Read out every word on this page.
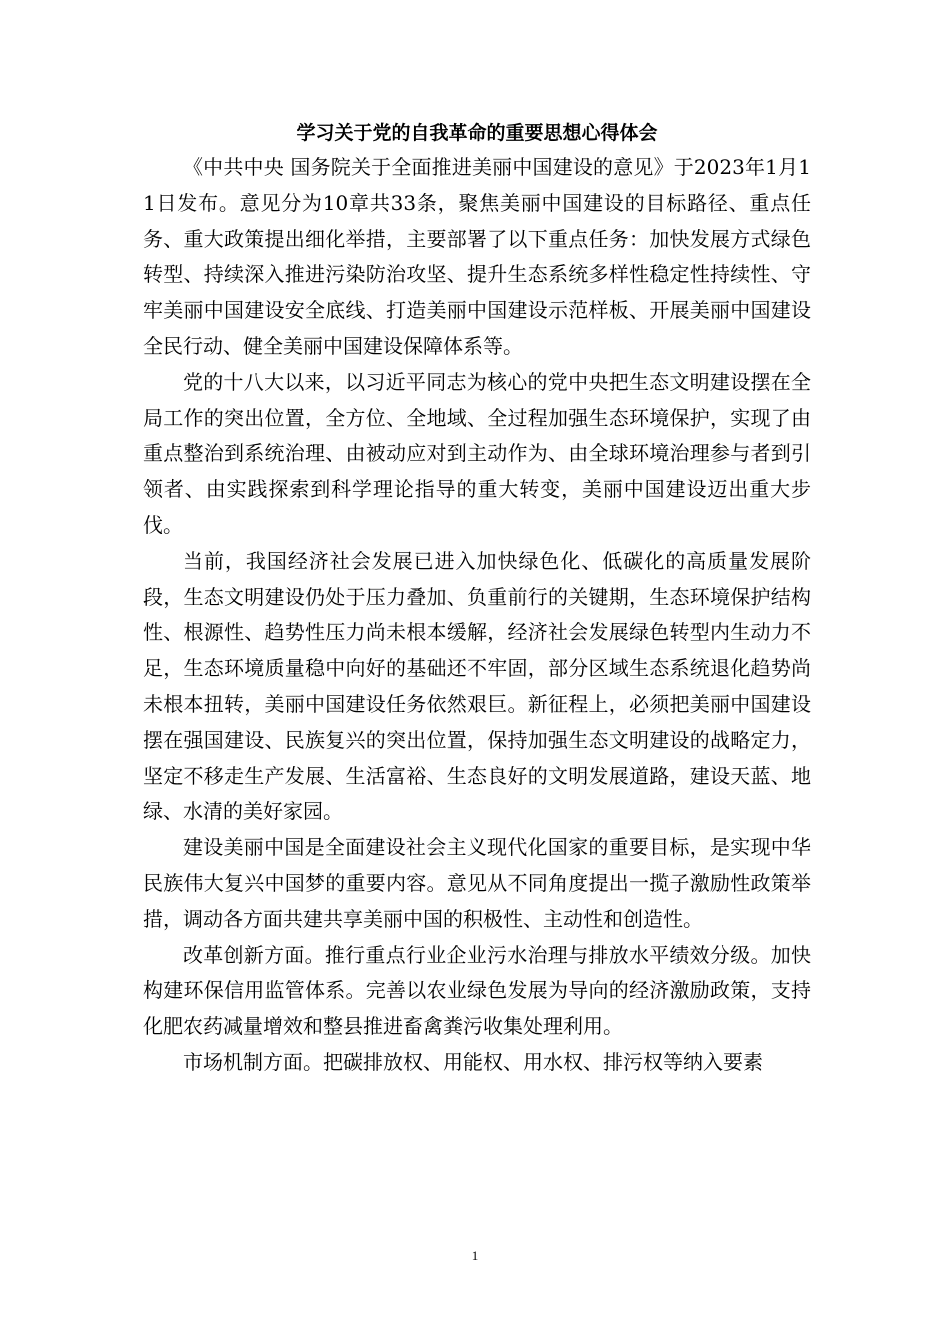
学习关于党的自我革命的重要思想心得体会

《中共中央 国务院关于全面推进美丽中国建设的意见》于2023年1月11日发布。意见分为10章共33条，聚焦美丽中国建设的目标路径、重点任务、重大政策提出细化举措，主要部署了以下重点任务：加快发展方式绿色转型、持续深入推进污染防治攻坚、提升生态系统多样性稳定性持续性、守牢美丽中国建设安全底线、打造美丽中国建设示范样板、开展美丽中国建设全民行动、健全美丽中国建设保障体系等。

党的十八大以来，以习近平同志为核心的党中央把生态文明建设摆在全局工作的突出位置，全方位、全地域、全过程加强生态环境保护，实现了由重点整治到系统治理、由被动应对到主动作为、由全球环境治理参与者到引领者、由实践探索到科学理论指导的重大转变，美丽中国建设迈出重大步伐。

当前，我国经济社会发展已进入加快绿色化、低碳化的高质量发展阶段，生态文明建设仍处于压力叠加、负重前行的关键期，生态环境保护结构性、根源性、趋势性压力尚未根本缓解，经济社会发展绿色转型内生动力不足，生态环境质量稳中向好的基础还不牢固，部分区域生态系统退化趋势尚未根本扭转，美丽中国建设任务依然艰巨。新征程上，必须把美丽中国建设摆在强国建设、民族复兴的突出位置，保持加强生态文明建设的战略定力，坚定不移走生产发展、生活富裕、生态良好的文明发展道路，建设天蓝、地绿、水清的美好家园。

建设美丽中国是全面建设社会主义现代化国家的重要目标，是实现中华民族伟大复兴中国梦的重要内容。意见从不同角度提出一揽子激励性政策举措，调动各方面共建共享美丽中国的积极性、主动性和创造性。

改革创新方面。推行重点行业企业污水治理与排放水平绩效分级。加快构建环保信用监管体系。完善以农业绿色发展为导向的经济激励政策，支持化肥农药减量增效和整县推进畜禽粪污收集处理利用。

市场机制方面。把碳排放权、用能权、用水权、排污权等纳入要素

1
